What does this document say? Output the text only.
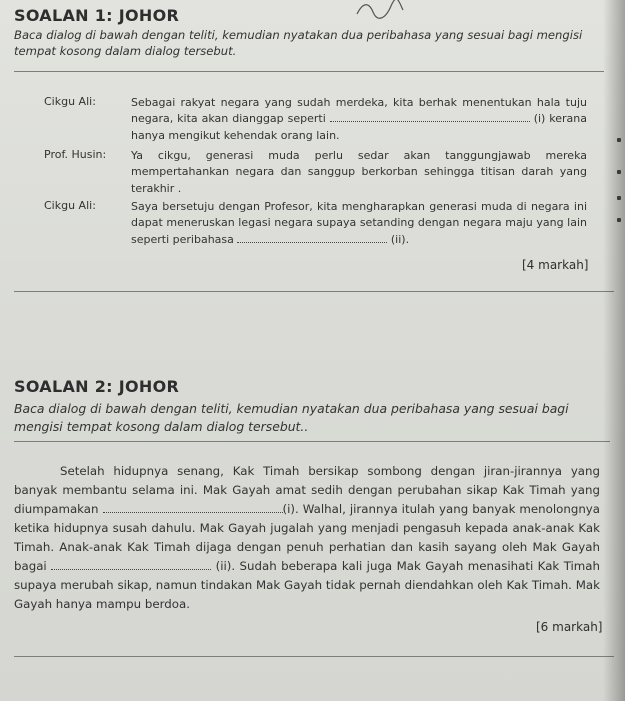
SOALAN 1: JOHOR
Baca dialog di bawah dengan teliti, kemudian nyatakan dua peribahasa yang sesuai bagi mengisi tempat kosong dalam dialog tersebut.
Cikgu Ali:	Sebagai rakyat negara yang sudah merdeka, kita berhak menentukan hala tuju negara, kita akan dianggap seperti	(i) kerana hanya mengikut kehendak orang lain.
Prof. Husin: Ya cikgu, generasi muda perlu sedar akan tanggungjawab mereka mempertahankan negara dan sanggup berkorban sehingga titisan darah yang terakhir .
Cikgu Ali:	Saya bersetuju dengan Profesor, kita mengharapkan generasi muda di negara ini dapat meneruskan legasi negara supaya setanding dengan negara maju yang lain seperti peribahasa	(ii).
[4 markah]
SOALAN 2: JOHOR
Baca dialog di bawah dengan teliti, kemudian nyatakan dua peribahasa yang sesuai bagi mengisi tempat kosong dalam dialog tersebut..
Setelah hidupnya senang, Kak Timah bersikap sombong dengan jiran-jirannya yang banyak membantu selama ini. Mak Gayah amat sedih dengan perubahan sikap Kak Timah yang diumpamakan	(i). Walhal, jirannya itulah yang banyak menolongnya ketika hidupnya susah dahulu. Mak Gayah jugalah yang menjadi pengasuh kepada anak-anak Kak Timah. Anak-anak Kak Timah dijaga dengan penuh perhatian dan kasih sayang oleh Mak Gayah bagai	(ii). Sudah beberapa kali juga Mak Gayah menasihati Kak Timah supaya merubah sikap, namun tindakan Mak Gayah tidak pernah diendahkan oleh Kak Timah. Mak Gayah hanya mampu berdoa.
[6 markah]
